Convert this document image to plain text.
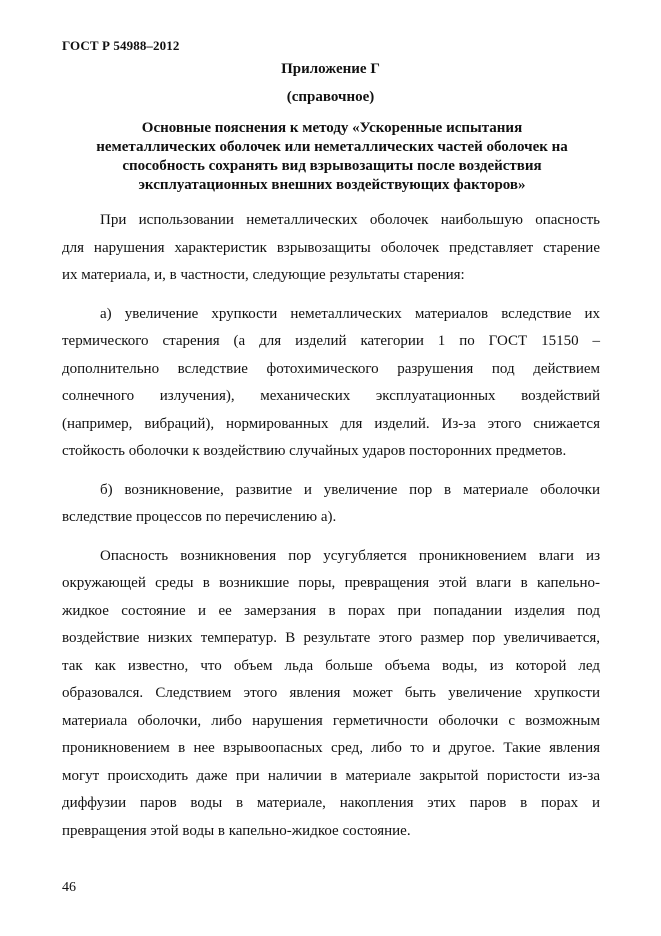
ГОСТ Р 54988–2012
Приложение Г
(справочное)
Основные пояснения к методу «Ускоренные испытания
неметаллических оболочек или неметаллических частей оболочек на
способность сохранять вид взрывозащиты после воздействия
эксплуатационных внешних воздействующих факторов»
При использовании неметаллических оболочек наибольшую опасность
для нарушения характеристик взрывозащиты оболочек представляет старение
их материала, и, в частности, следующие результаты старения:
а) увеличение хрупкости неметаллических материалов вследствие их
термического старения (а для изделий категории 1 по ГОСТ 15150 –
дополнительно вследствие фотохимического разрушения под действием
солнечного излучения), механических эксплуатационных воздействий
(например, вибраций), нормированных для изделий. Из-за этого снижается
стойкость оболочки к воздействию случайных ударов посторонних предметов.
б) возникновение, развитие и увеличение пор в материале оболочки
вследствие процессов по перечислению а).
Опасность возникновения пор усугубляется проникновением влаги из
окружающей среды в возникшие поры, превращения этой влаги в капельно-
жидкое состояние и ее замерзания в порах при попадании изделия под
воздействие низких температур. В результате этого размер пор увеличивается,
так как известно, что объем льда больше объема воды, из которой лед
образовался. Следствием этого явления может быть увеличение хрупкости
материала оболочки, либо нарушения герметичности оболочки с возможным
проникновением в нее взрывоопасных сред, либо то и другое. Такие явления
могут происходить даже при наличии в материале закрытой пористости из-за
диффузии паров воды в материале, накопления этих паров в порах и
превращения этой воды в капельно-жидкое состояние.
46
